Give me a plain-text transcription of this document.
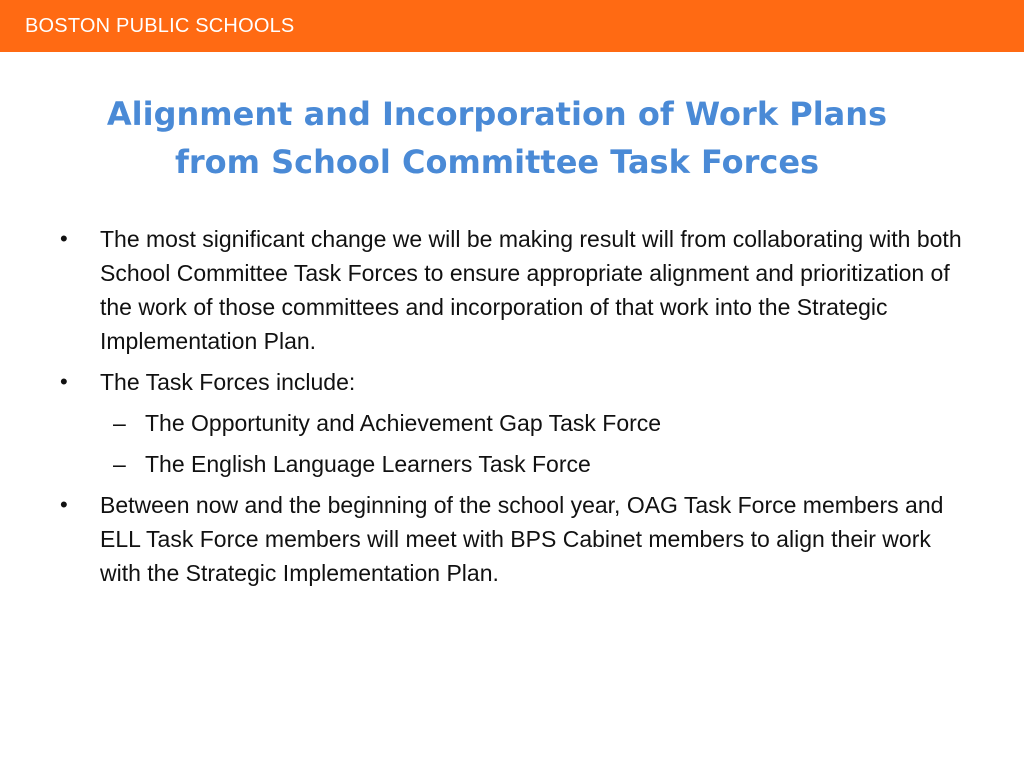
BOSTON PUBLIC SCHOOLS
Alignment and Incorporation of Work Plans
from School Committee Task Forces
• The most significant change we will be making result will from collaborating with both School Committee Task Forces to ensure appropriate alignment and prioritization of the work of those committees and incorporation of that work into the Strategic Implementation Plan.
• The Task Forces include:
– The Opportunity and Achievement Gap Task Force
– The English Language Learners Task Force
• Between now and the beginning of the school year, OAG Task Force members and ELL Task Force members will meet with BPS Cabinet members to align their work with the Strategic Implementation Plan.
